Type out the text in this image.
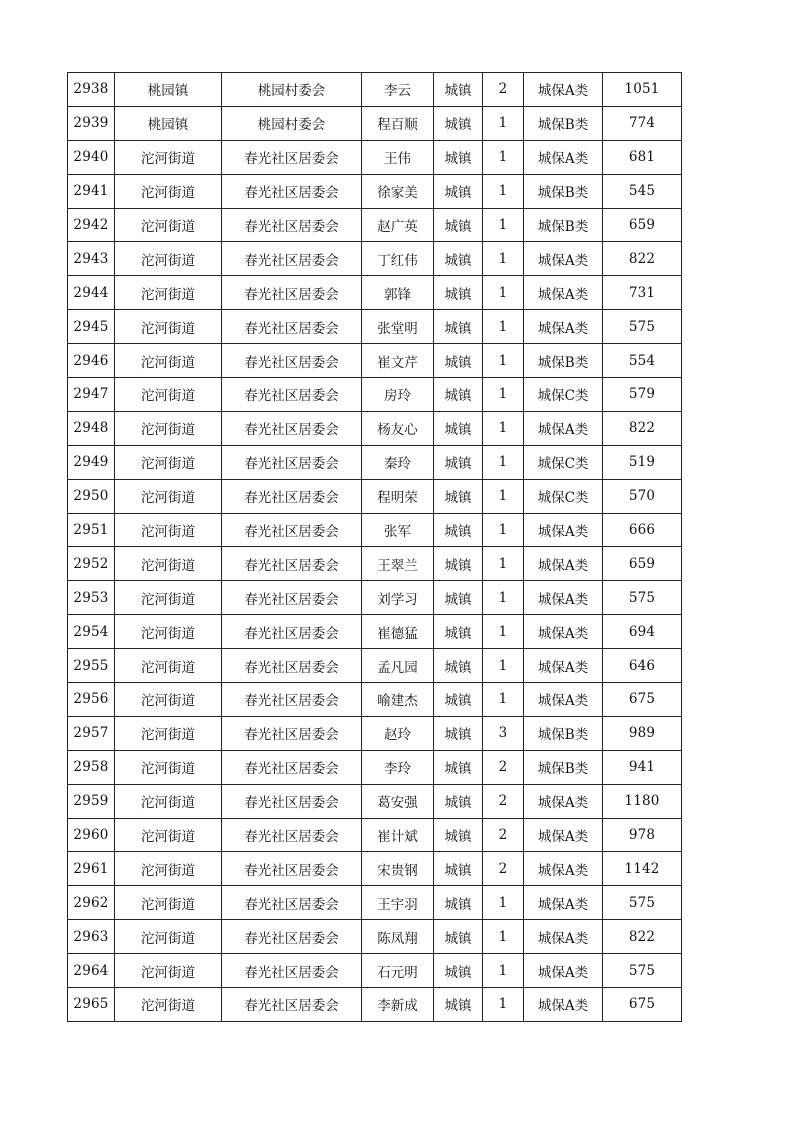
2938	桃园镇	桃园村委会	李云	城镇	2	城保A类	1051
2939	桃园镇	桃园村委会	程百顺	城镇	1	城保B类	774
2940	沱河街道	春光社区居委会	王伟	城镇	1	城保A类	681
2941	沱河街道	春光社区居委会	徐家美	城镇	1	城保B类	545
2942	沱河街道	春光社区居委会	赵广英	城镇	1	城保B类	659
2943	沱河街道	春光社区居委会	丁红伟	城镇	1	城保A类	822
2944	沱河街道	春光社区居委会	郭锋	城镇	1	城保A类	731
2945	沱河街道	春光社区居委会	张堂明	城镇	1	城保A类	575
2946	沱河街道	春光社区居委会	崔文芹	城镇	1	城保B类	554
2947	沱河街道	春光社区居委会	房玲	城镇	1	城保C类	579
2948	沱河街道	春光社区居委会	杨友心	城镇	1	城保A类	822
2949	沱河街道	春光社区居委会	秦玲	城镇	1	城保C类	519
2950	沱河街道	春光社区居委会	程明荣	城镇	1	城保C类	570
2951	沱河街道	春光社区居委会	张军	城镇	1	城保A类	666
2952	沱河街道	春光社区居委会	王翠兰	城镇	1	城保A类	659
2953	沱河街道	春光社区居委会	刘学习	城镇	1	城保A类	575
2954	沱河街道	春光社区居委会	崔德猛	城镇	1	城保A类	694
2955	沱河街道	春光社区居委会	孟凡园	城镇	1	城保A类	646
2956	沱河街道	春光社区居委会	喻建杰	城镇	1	城保A类	675
2957	沱河街道	春光社区居委会	赵玲	城镇	3	城保B类	989
2958	沱河街道	春光社区居委会	李玲	城镇	2	城保B类	941
2959	沱河街道	春光社区居委会	葛安强	城镇	2	城保A类	1180
2960	沱河街道	春光社区居委会	崔计斌	城镇	2	城保A类	978
2961	沱河街道	春光社区居委会	宋贵钢	城镇	2	城保A类	1142
2962	沱河街道	春光社区居委会	王宇羽	城镇	1	城保A类	575
2963	沱河街道	春光社区居委会	陈凤翔	城镇	1	城保A类	822
2964	沱河街道	春光社区居委会	石元明	城镇	1	城保A类	575
2965	沱河街道	春光社区居委会	李新成	城镇	1	城保A类	675
